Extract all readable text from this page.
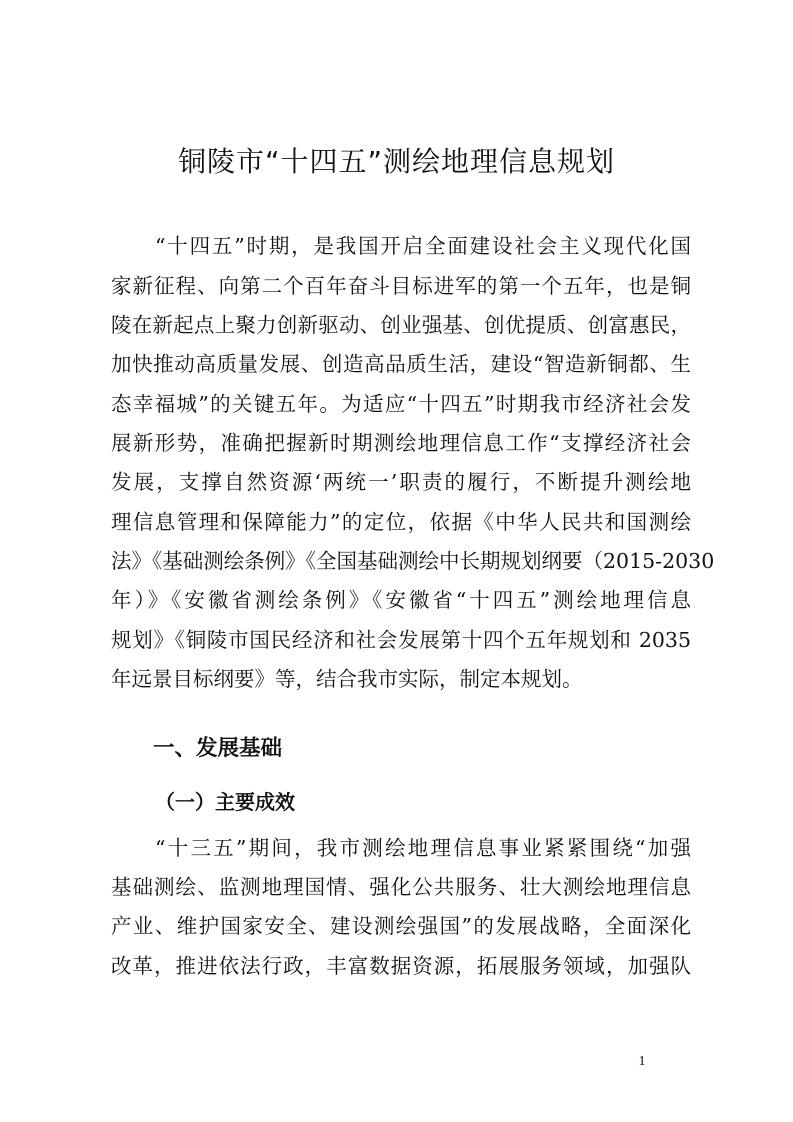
铜陵市“十四五”测绘地理信息规划

“十四五”时期，是我国开启全面建设社会主义现代化国

家新征程、向第二个百年奋斗目标进军的第一个五年，也是铜

陵在新起点上聚力创新驱动、创业强基、创优提质、创富惠民，

加快推动高质量发展、创造高品质生活，建设“智造新铜都、生

态幸福城”的关键五年。为适应“十四五”时期我市经济社会发

展新形势，准确把握新时期测绘地理信息工作“支撑经济社会

发展，支撑自然资源‘两统一’职责的履行，不断提升测绘地

理信息管理和保障能力”的定位，依据《中华人民共和国测绘

法》《基础测绘条例》《全国基础测绘中长期规划纲要（2015-2030

年）》《安徽省测绘条例》《安徽省“十四五”测绘地理信息

规划》《铜陵市国民经济和社会发展第十四个五年规划和 2035

年远景目标纲要》等，结合我市实际，制定本规划。

一、发展基础
（一）主要成效

“十三五”期间，我市测绘地理信息事业紧紧围绕“加强

基础测绘、监测地理国情、强化公共服务、壮大测绘地理信息

产业、维护国家安全、建设测绘强国”的发展战略，全面深化

改革，推进依法行政，丰富数据资源，拓展服务领域，加强队

1
